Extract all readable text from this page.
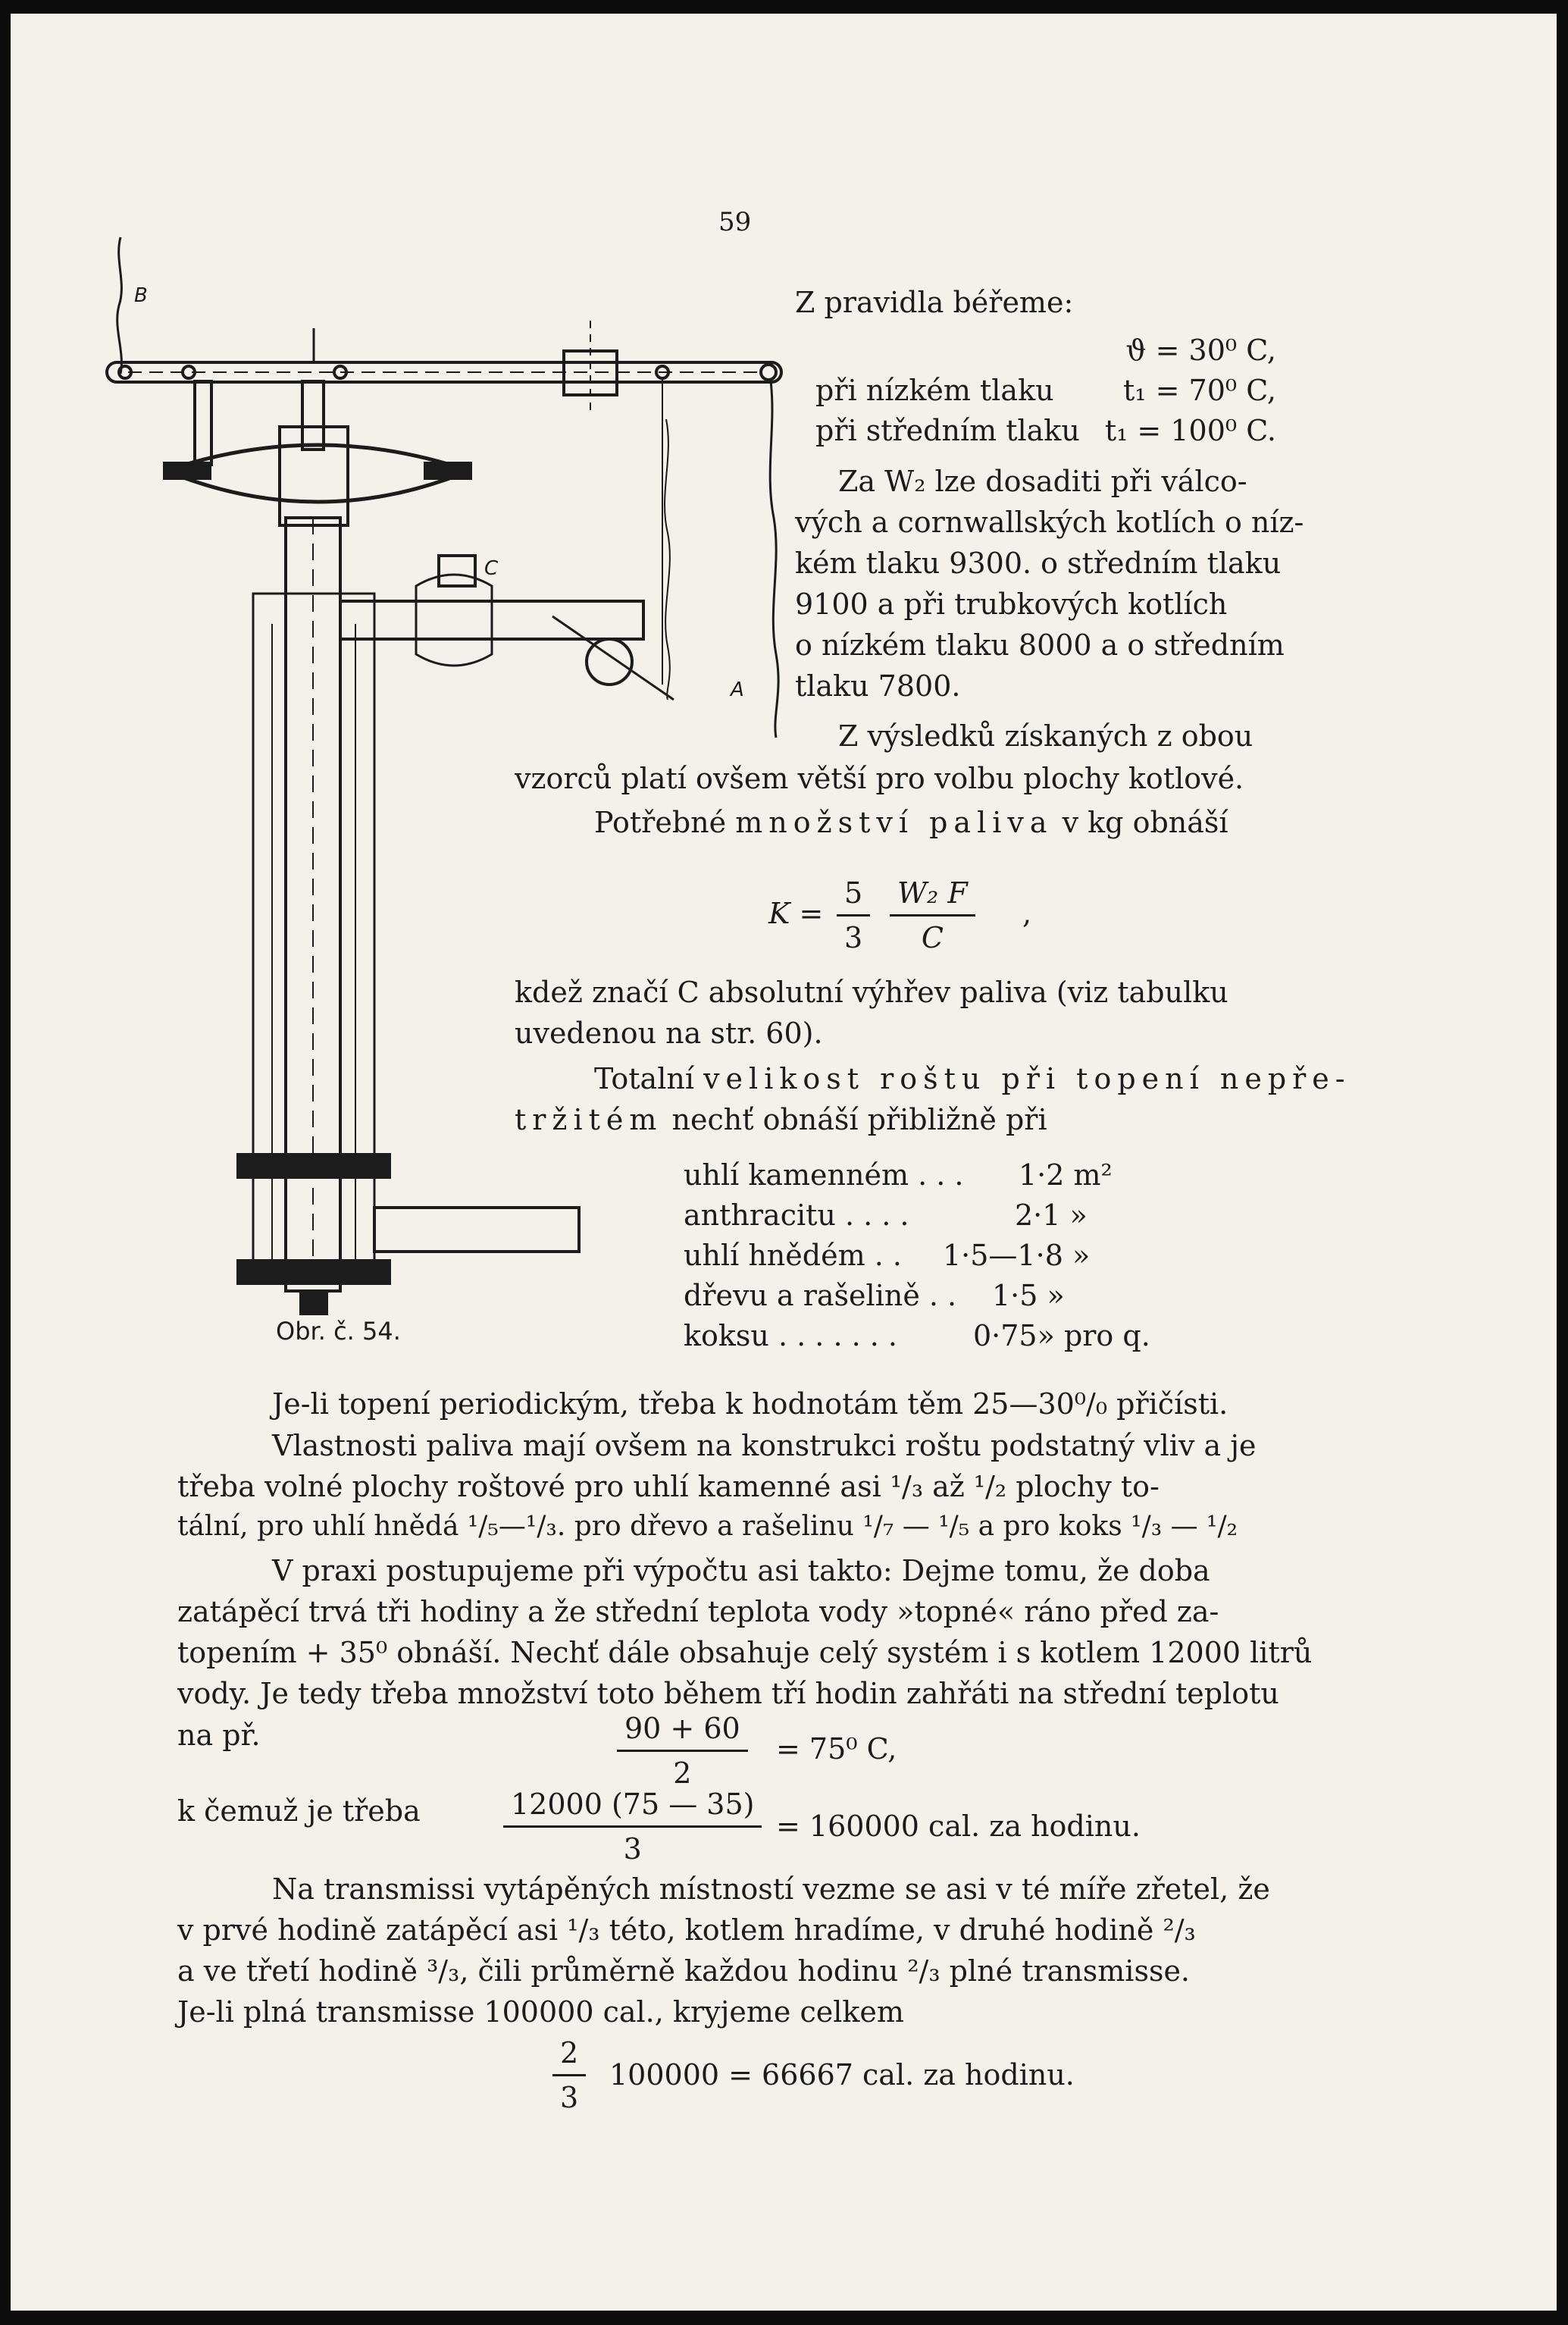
59
B
C
A
Obr. č. 54.
Z pravidla béřeme:
ϑ = 30⁰ C,
při nízkém tlaku	t₁ = 70⁰ C,
při středním tlaku t₁ = 100⁰ C.
Za W₂ lze dosaditi při válco-
vých a cornwallských kotlích o níz-
kém tlaku 9300. o středním tlaku
9100 a při trubkových kotlích
o nízkém tlaku 8000 a o středním
tlaku 7800.
Z výsledků získaných z obou
vzorců platí ovšem větší pro volbu plochy kotlové.
Potřebné množství paliva v kg obnáší
$K = \frac{5}{3} \frac{\text{W₂ F}}{C}$ ,
kdež značí C absolutní výhřev paliva (viz tabulku
uvedenou na str. 60).
Totalní velikost roštu při topení nepře-
tržitém nechť obnáší přibližně při
uhlí kamenném . . . 1·2 m²
anthracitu . . . .	2·1 »
uhlí hnědém . . 1·5—1·8 »
dřevu a rašelině . . 1·5 »
koksu . . . . . . .	0·75» pro q.
Je-li topení periodickým, třeba k hodnotám těm 25—30⁰/₀ přičísti.
Vlastnosti paliva mají ovšem na konstrukci roštu podstatný vliv a je
třeba volné plochy roštové pro uhlí kamenné asi ¹/₃ až ¹/₂ plochy to-
tální, pro uhlí hnědá ¹/₅—¹/₃. pro dřevo a rašelinu ¹/₇ — ¹/₅ a pro koks ¹/₃ — ¹/₂
V praxi postupujeme při výpočtu asi takto: Dejme tomu, že doba
zatápěcí trvá tři hodiny a že střední teplota vody »topné« ráno před za-
topením + 35⁰ obnáší. Nechť dále obsahuje celý systém i s kotlem 12000 litrů
vody. Je tedy třeba množství toto během tří hodin zahřáti na střední teplotu
na př.	$\frac{90 + 60}{2} = 75^0$ C,
k čemuž je třeba	$\frac{12000 (75 — 35)}{3} = 160000$ cal. za hodinu.
Na transmissi vytápěných místností vezme se asi v té míře zřetel, že
v prvé hodině zatápěcí asi ¹/₃ této, kotlem hradíme, v druhé hodině ²/₃
a ve třetí hodině ³/₃, čili průměrně každou hodinu ²/₃ plné transmisse.
Je-li plná transmisse 100000 cal., kryjeme celkem
$\frac{2}{3} 100000 = 66667$ cal. za hodinu.
